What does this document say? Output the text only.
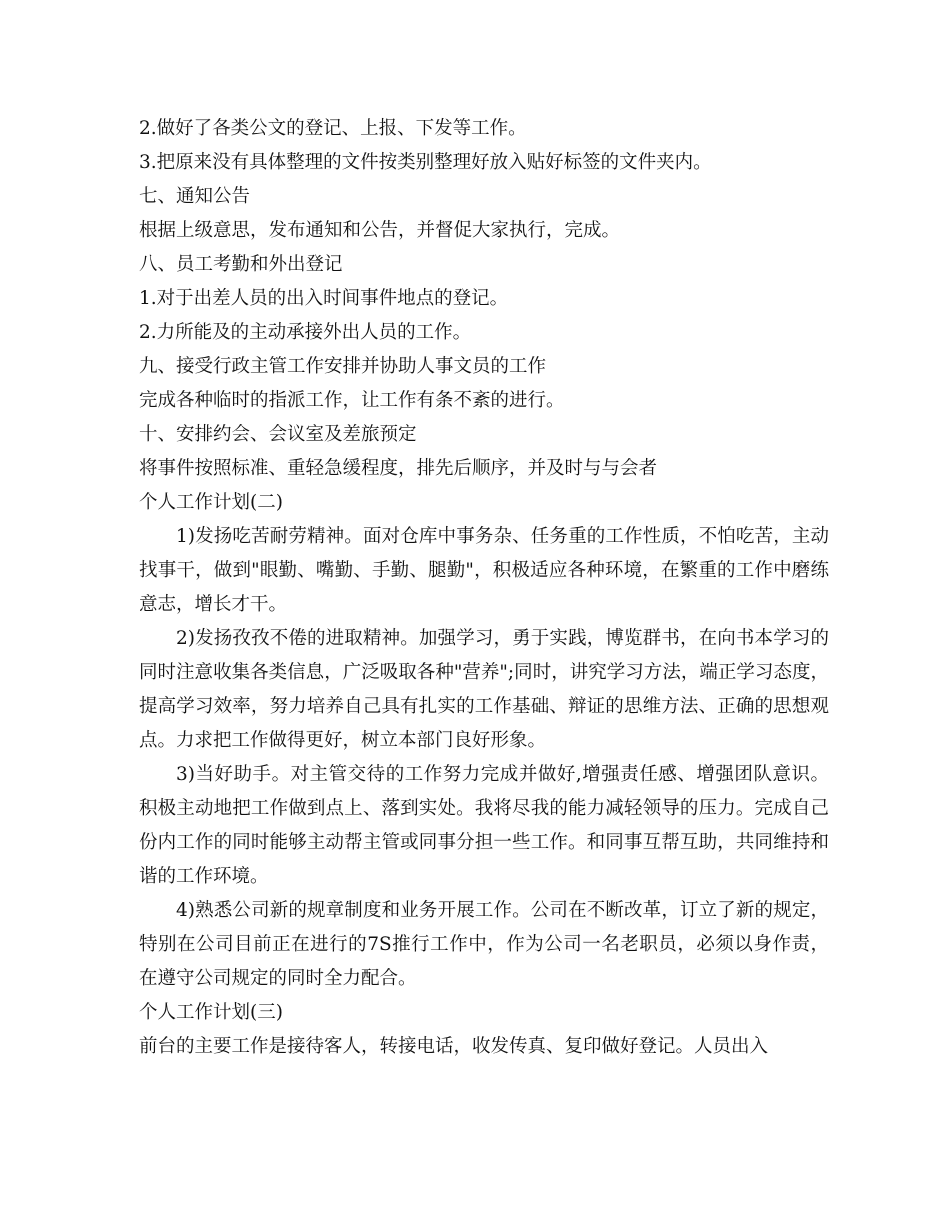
2.做好了各类公文的登记、上报、下发等工作。

3.把原来没有具体整理的文件按类别整理好放入贴好标签的文件夹内。

七、通知公告

根据上级意思，发布通知和公告，并督促大家执行，完成。

八、员工考勤和外出登记

1.对于出差人员的出入时间事件地点的登记。

2.力所能及的主动承接外出人员的工作。

九、接受行政主管工作安排并协助人事文员的工作

完成各种临时的指派工作，让工作有条不紊的进行。

十、安排约会、会议室及差旅预定

将事件按照标准、重轻急缓程度，排先后顺序，并及时与与会者

个人工作计划(二)

1)发扬吃苦耐劳精神。面对仓库中事务杂、任务重的工作性质，不怕吃苦，主动找事干，做到"眼勤、嘴勤、手勤、腿勤"，积极适应各种环境，在繁重的工作中磨练意志，增长才干。

2)发扬孜孜不倦的进取精神。加强学习，勇于实践，博览群书，在向书本学习的同时注意收集各类信息，广泛吸取各种"营养";同时，讲究学习方法，端正学习态度，提高学习效率，努力培养自己具有扎实的工作基础、辩证的思维方法、正确的思想观点。力求把工作做得更好，树立本部门良好形象。

3)当好助手。对主管交待的工作努力完成并做好,增强责任感、增强团队意识。积极主动地把工作做到点上、落到实处。我将尽我的能力减轻领导的压力。完成自己份内工作的同时能够主动帮主管或同事分担一些工作。和同事互帮互助，共同维持和谐的工作环境。

4)熟悉公司新的规章制度和业务开展工作。公司在不断改革，订立了新的规定，特别在公司目前正在进行的7S推行工作中，作为公司一名老职员，必须以身作责，在遵守公司规定的同时全力配合。

个人工作计划(三)

前台的主要工作是接待客人，转接电话，收发传真、复印做好登记。人员出入
